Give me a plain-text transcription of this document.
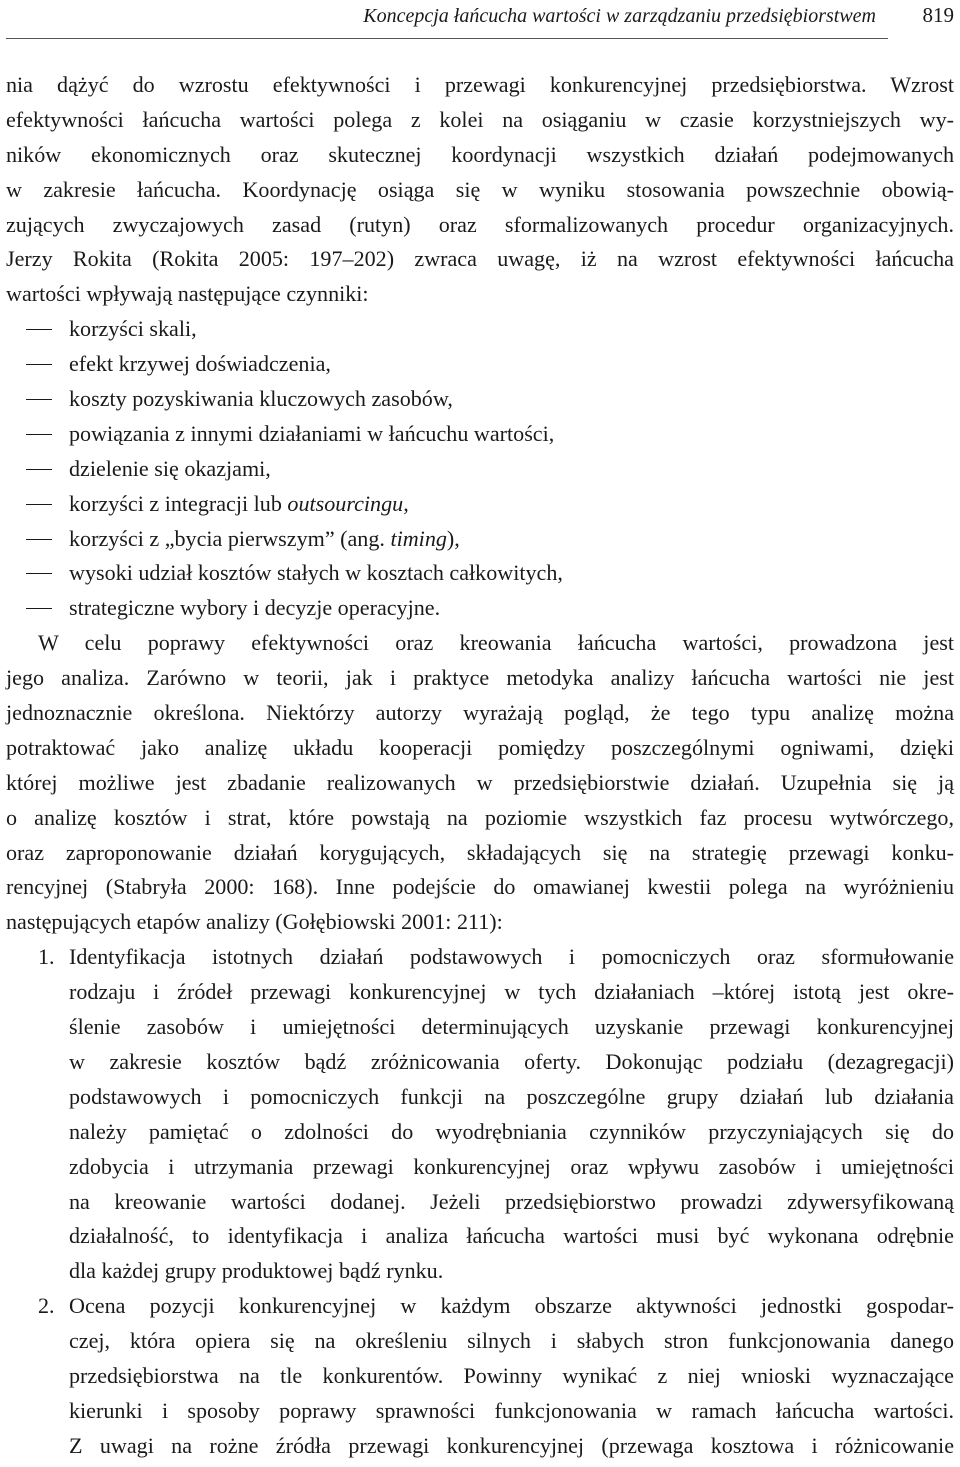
Koncepcja łańcucha wartości w zarządzaniu przedsiębiorstwem 819
nia dążyć do wzrostu efektywności i przewagi konkurencyjnej przedsiębiorstwa. Wzrost
efektywności łańcucha wartości polega z kolei na osiąganiu w czasie korzystniejszych wy-
ników ekonomicznych oraz skutecznej koordynacji wszystkich działań podejmowanych
w zakresie łańcucha. Koordynację osiąga się w wyniku stosowania powszechnie obowią-
zujących zwyczajowych zasad (rutyn) oraz sformalizowanych procedur organizacyjnych.
Jerzy Rokita (Rokita 2005: 197–202) zwraca uwagę, iż na wzrost efektywności łańcucha
wartości wpływają następujące czynniki:
korzyści skali,
efekt krzywej doświadczenia,
koszty pozyskiwania kluczowych zasobów,
powiązania z innymi działaniami w łańcuchu wartości,
dzielenie się okazjami,
korzyści z integracji lub outsourcingu,
korzyści z „bycia pierwszym” (ang. timing),
wysoki udział kosztów stałych w kosztach całkowitych,
strategiczne wybory i decyzje operacyjne.
W celu poprawy efektywności oraz kreowania łańcucha wartości, prowadzona jest
jego analiza. Zarówno w teorii, jak i praktyce metodyka analizy łańcucha wartości nie jest
jednoznacznie określona. Niektórzy autorzy wyrażają pogląd, że tego typu analizę można
potraktować jako analizę układu kooperacji pomiędzy poszczególnymi ogniwami, dzięki
której możliwe jest zbadanie realizowanych w przedsiębiorstwie działań. Uzupełnia się ją
o analizę kosztów i strat, które powstają na poziomie wszystkich faz procesu wytwórczego,
oraz zaproponowanie działań korygujących, składających się na strategię przewagi konku-
rencyjnej (Stabryła 2000: 168). Inne podejście do omawianej kwestii polega na wyróżnieniu
następujących etapów analizy (Gołębiowski 2001: 211):
1. Identyfikacja istotnych działań podstawowych i pomocniczych oraz sformułowanie
rodzaju i źródeł przewagi konkurencyjnej w tych działaniach –której istotą jest okre-
ślenie zasobów i umiejętności determinujących uzyskanie przewagi konkurencyjnej
w zakresie kosztów bądź zróżnicowania oferty. Dokonując podziału (dezagregacji)
podstawowych i pomocniczych funkcji na poszczególne grupy działań lub działania
należy pamiętać o zdolności do wyodrębniania czynników przyczyniających się do
zdobycia i utrzymania przewagi konkurencyjnej oraz wpływu zasobów i umiejętności
na kreowanie wartości dodanej. Jeżeli przedsiębiorstwo prowadzi zdywersyfikowaną
działalność, to identyfikacja i analiza łańcucha wartości musi być wykonana odrębnie
dla każdej grupy produktowej bądź rynku.
2. Ocena pozycji konkurencyjnej w każdym obszarze aktywności jednostki gospodar-
czej, która opiera się na określeniu silnych i słabych stron funkcjonowania danego
przedsiębiorstwa na tle konkurentów. Powinny wynikać z niej wnioski wyznaczające
kierunki i sposoby poprawy sprawności funkcjonowania w ramach łańcucha wartości.
Z uwagi na rożne źródła przewagi konkurencyjnej (przewaga kosztowa i różnicowanie
